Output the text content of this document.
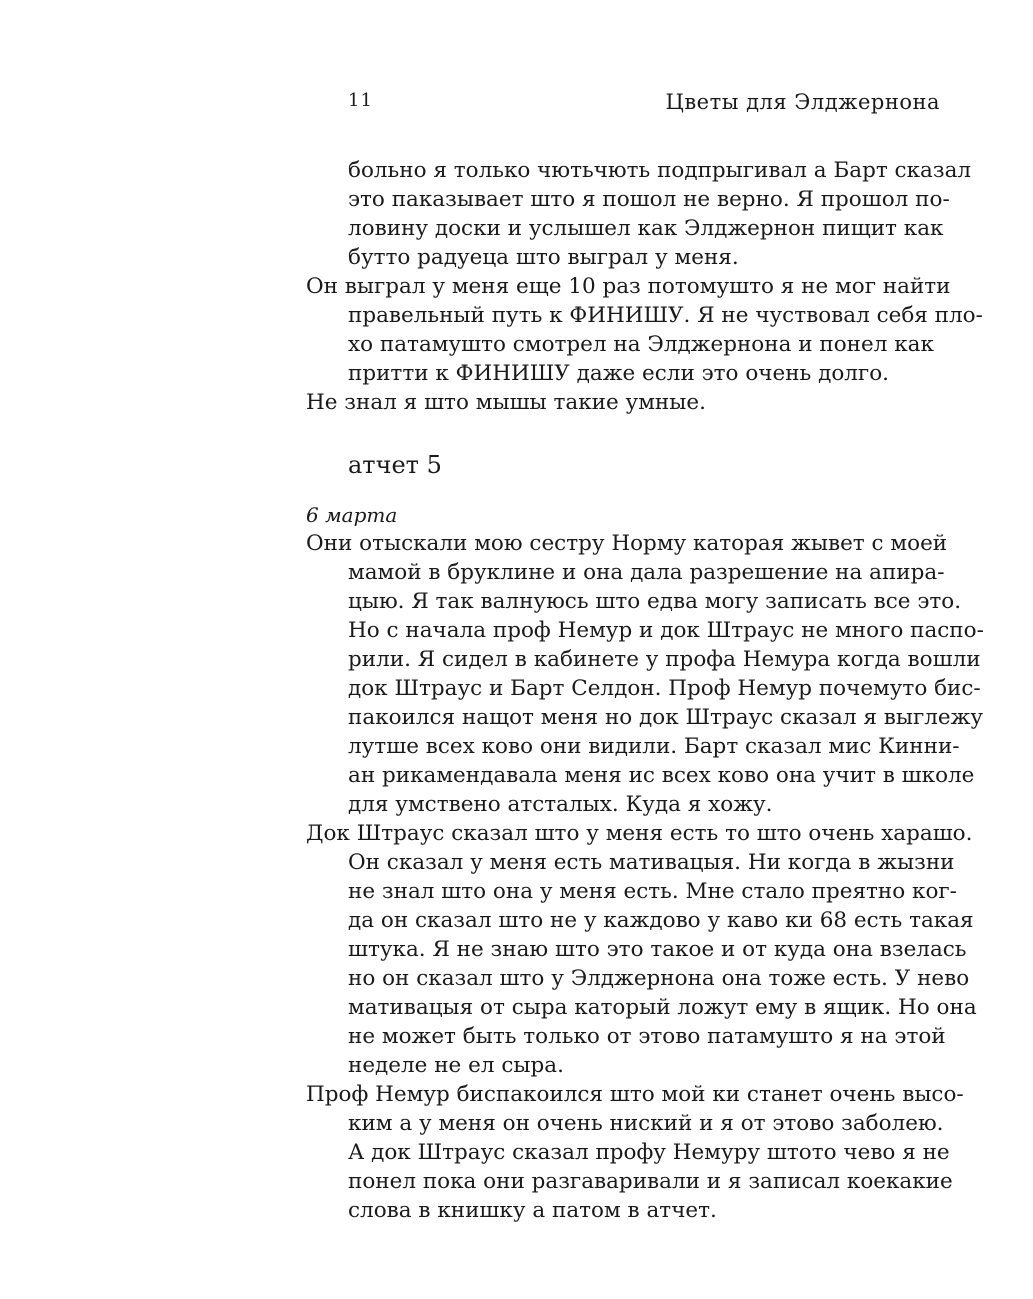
11	Цветы для Элджернона
больно я только чютьчють подпрыгивал а Барт сказал
это паказывает што я пошол не верно. Я прошол по-
ловину доски и услышел как Элджернон пищит как
бутто радуеца што выграл у меня.
Он выграл у меня еще 10 раз потомушто я не мог найти
правельный путь к ФИНИШУ. Я не чуствовал себя пло-
хо патамушто смотрел на Элджернона и понел как
притти к ФИНИШУ даже если это очень долго.
Не знал я што мышы такие умные.
атчет 5
6 марта
Они отыскали мою сестру Норму каторая жывет с моей
мамой в бруклине и она дала разрешение на апира-
цыю. Я так валнуюсь што едва могу записать все это.
Но с начала проф Немур и док Штраус не много паспо-
рили. Я сидел в кабинете у профа Немура когда вошли
док Штраус и Барт Селдон. Проф Немур почемуто бис-
пакоился нащот меня но док Штраус сказал я выглежу
лутше всех ково они видили. Барт сказал мис Кинни-
ан рикамендавала меня ис всех ково она учит в школе
для умствено атсталых. Куда я хожу.
Док Штраус сказал што у меня есть то што очень харашо.
Он сказал у меня есть мативацыя. Ни когда в жызни
не знал што она у меня есть. Мне стало преятно ког-
да он сказал што не у каждово у каво ки 68 есть такая
штука. Я не знаю што это такое и от куда она взелась
но он сказал што у Элджернона она тоже есть. У нево
мативацыя от сыра каторый ложут ему в ящик. Но она
не может быть только от этово патамушто я на этой
неделе не ел сыра.
Проф Немур биспакоился што мой ки станет очень высо-
ким а у меня он очень ниский и я от этово заболею.
А док Штраус сказал профу Немуру штото чево я не
понел пока они разгаваривали и я записал коекакие
слова в книшку а патом в атчет.
